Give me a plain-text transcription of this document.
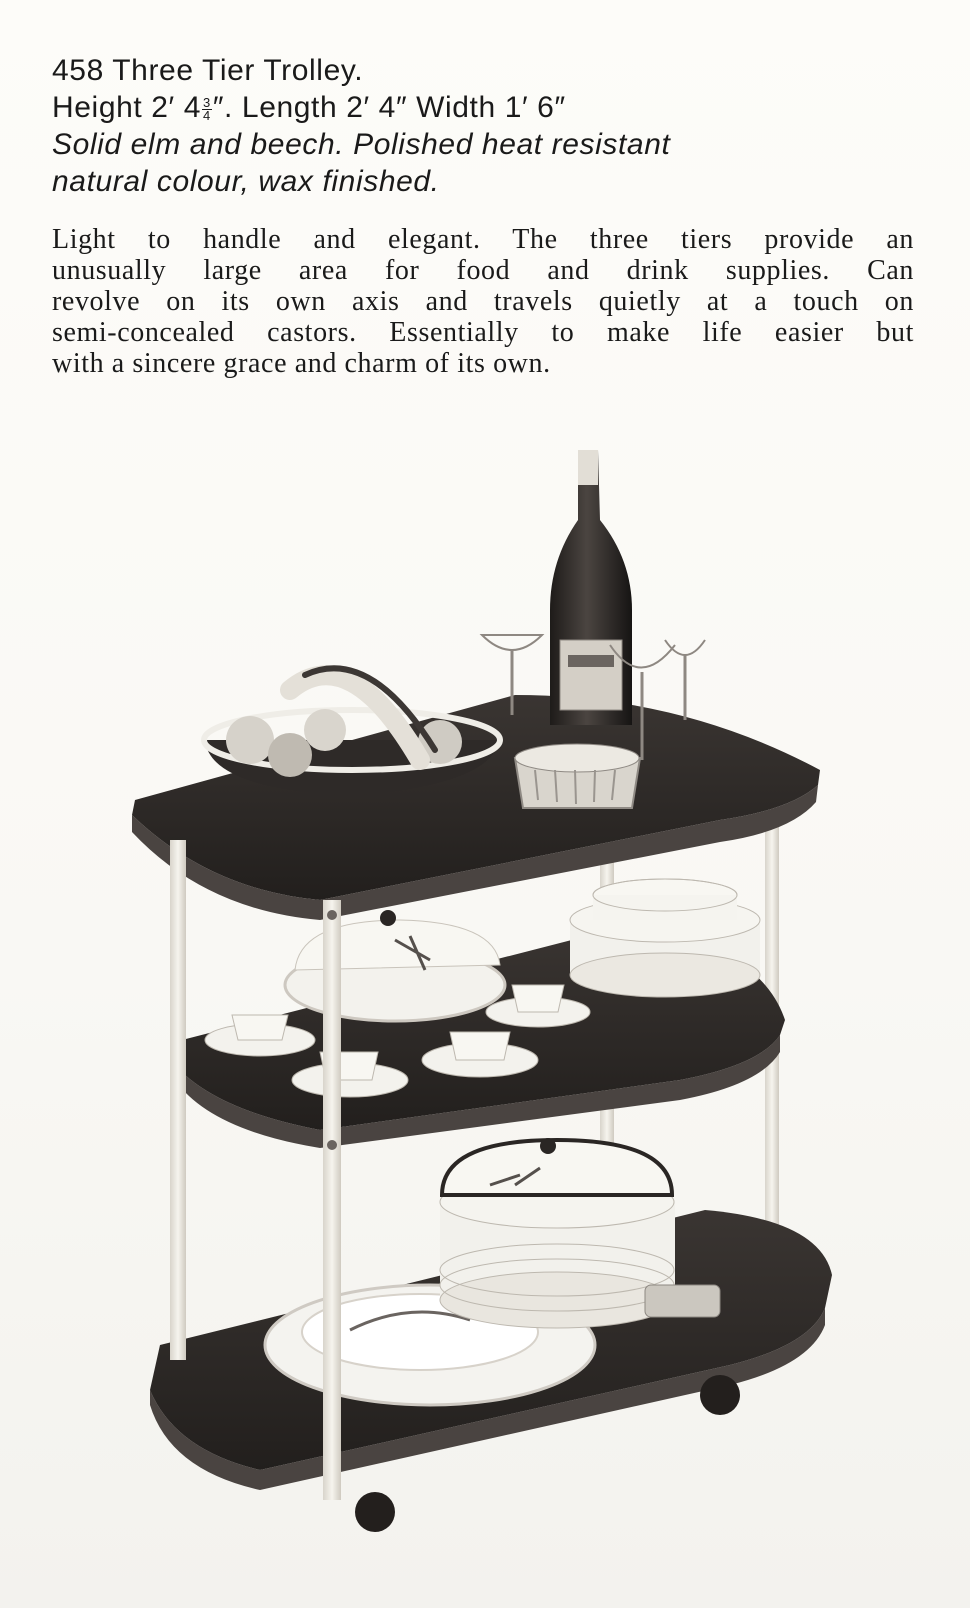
458 Three Tier Trolley.
Height 2′ $4 \frac{3}{4}$ ″. Length 2′ 4″ Width 1′ 6″
Solid elm and beech. Polished heat resistant
natural colour, wax finished.
Light to handle and elegant. The three tiers provide an
unusually large area for food and drink supplies. Can
revolve on its own axis and travels quietly at a touch on
semi-concealed castors. Essentially to make life easier but
with a sincere grace and charm of its own.
